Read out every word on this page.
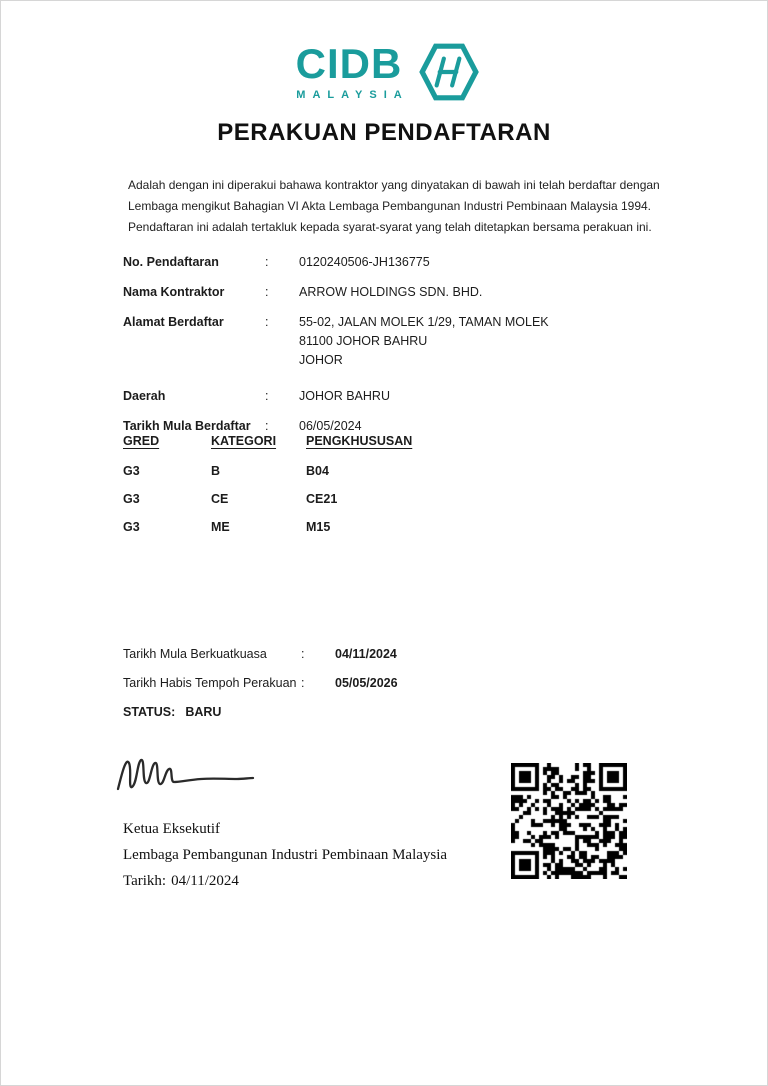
CIDB
MALAYSIA
PERAKUAN PENDAFTARAN
Adalah dengan ini diperakui bahawa kontraktor yang dinyatakan di bawah ini telah berdaftar dengan Lembaga mengikut Bahagian VI Akta Lembaga Pembangunan Industri Pembinaan Malaysia 1994. Pendaftaran ini adalah tertakluk kepada syarat-syarat yang telah ditetapkan bersama perakuan ini.
No. Pendaftaran	:	0120240506-JH136775
Nama Kontraktor	:	ARROW HOLDINGS SDN. BHD.
Alamat Berdaftar	:	55-02, JALAN MOLEK 1/29, TAMAN MOLEK
81100 JOHOR BAHRU
JOHOR
Daerah	:	JOHOR BAHRU
Tarikh Mula Berdaftar	:	06/05/2024
GRED	KATEGORI	PENGKHUSUSAN
G3	B	B04
G3	CE	CE21
G3	ME	M15
Tarikh Mula Berkuatkuasa	:	04/11/2024
Tarikh Habis Tempoh Perakuan :	05/05/2026
STATUS: BARU
Ketua Eksekutif
Lembaga Pembangunan Industri Pembinaan Malaysia
Tarikh: 04/11/2024
